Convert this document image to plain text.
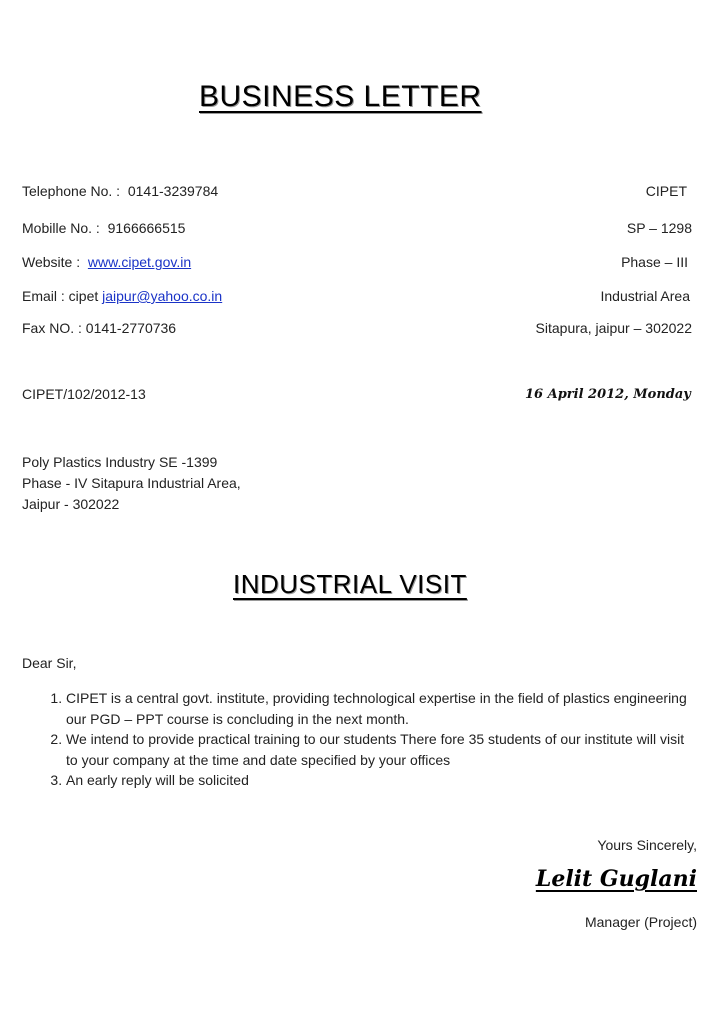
BUSINESS LETTER
Telephone No. :  0141-3239784
Mobille No. :  9166666515
Website :  www.cipet.gov.in
Email : cipet jaipur@yahoo.co.in
Fax NO. : 0141-2770736
CIPET
SP – 1298
Phase – III
Industrial Area
Sitapura, jaipur – 302022
CIPET/102/2012-13	16 April 2012, Monday
Poly Plastics Industry SE -1399
Phase - IV Sitapura Industrial Area,
Jaipur - 302022
INDUSTRIAL VISIT
Dear Sir,
1. CIPET is a central govt. institute, providing technological expertise in the field of plastics engineering our PGD – PPT course is concluding in the next month.
2. We intend to provide practical training to our students There fore 35 students of our institute will visit to your company at the time and date specified by your offices
3. An early reply will be solicited
Yours Sincerely,
Lelit Guglani
Manager (Project)
